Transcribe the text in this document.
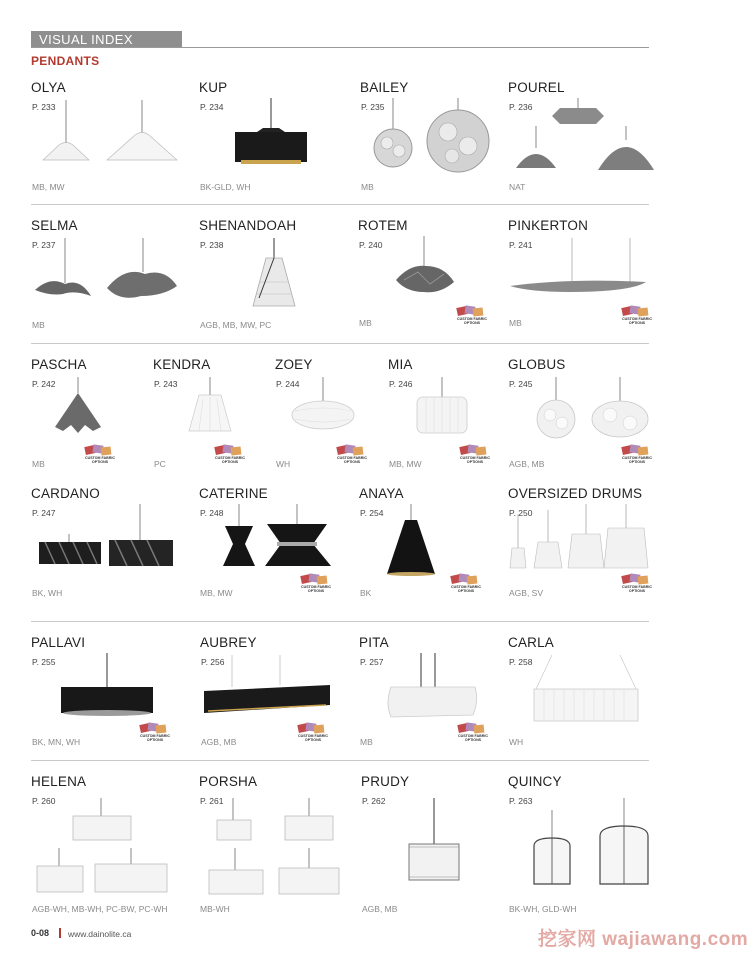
VISUAL INDEX
PENDANTS
OLYA
P. 233
MB, MW
KUP
P. 234
BK-GLD, WH
BAILEY
P. 235
MB
POUREL
P. 236
NAT
SELMA
P. 237
MB
SHENANDOAH
P. 238
AGB, MB, MW, PC
ROTEM
P. 240
CUSTOM FABRIC OPTIONS
MB
PINKERTON
P. 241
CUSTOM FABRIC OPTIONS
MB
PASCHA
P. 242
CUSTOM FABRIC OPTIONS
MB
KENDRA
P. 243
CUSTOM FABRIC OPTIONS
PC
ZOEY
P. 244
CUSTOM FABRIC OPTIONS
WH
MIA
P. 246
CUSTOM FABRIC OPTIONS
MB, MW
GLOBUS
P. 245
CUSTOM FABRIC OPTIONS
AGB, MB
CARDANO
P. 247
BK, WH
CATERINE
P. 248
CUSTOM FABRIC OPTIONS
MB, MW
ANAYA
P. 254
CUSTOM FABRIC OPTIONS
BK
OVERSIZED DRUMS
P. 250
CUSTOM FABRIC OPTIONS
AGB, SV
PALLAVI
P. 255
CUSTOM FABRIC OPTIONS
BK, MN, WH
AUBREY
P. 256
CUSTOM FABRIC OPTIONS
AGB, MB
PITA
P. 257
CUSTOM FABRIC OPTIONS
MB
CARLA
P. 258
WH
HELENA
P. 260
AGB-WH, MB-WH, PC-BW, PC-WH
PORSHA
P. 261
MB-WH
PRUDY
P. 262
AGB, MB
QUINCY
P. 263
BK-WH, GLD-WH
0-08 www.dainolite.ca	挖家网 wajiawang.com
